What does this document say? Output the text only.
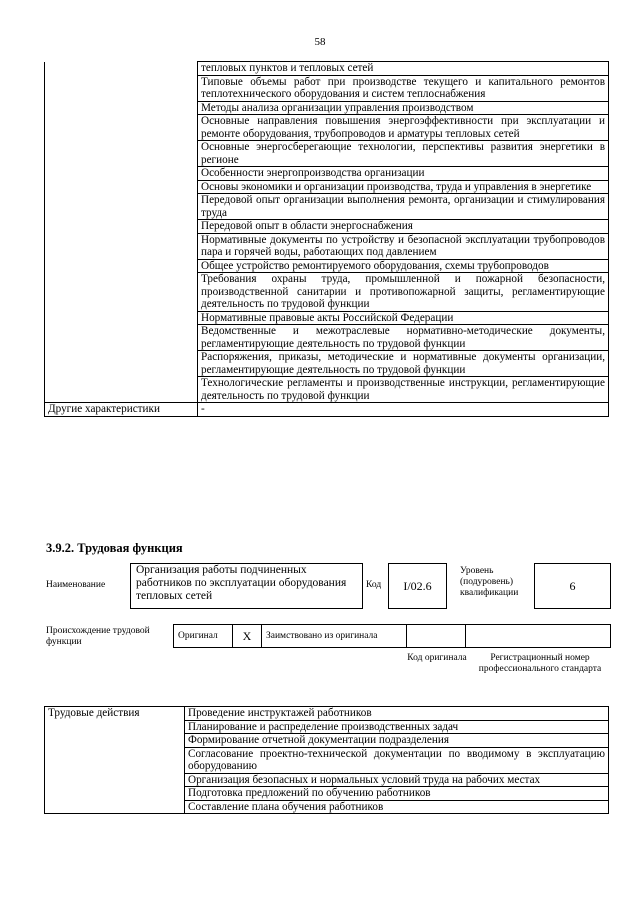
58
	тепловых пунктов и тепловых сетей
	Типовые объемы работ при производстве текущего и капитального ремонтов теплотехнического оборудования и систем теплоснабжения
	Методы анализа организации управления производством
	Основные направления повышения энергоэффективности при эксплуатации и ремонте оборудования, трубопроводов и арматуры тепловых сетей
	Основные энергосберегающие технологии, перспективы развития энергетики в регионе
	Особенности энергопроизводства организации
	Основы экономики и организации производства, труда и управления в энергетике
	Передовой опыт организации выполнения ремонта, организации и стимулирования труда
	Передовой опыт в области энергоснабжения
	Нормативные документы по устройству и безопасной эксплуатации трубопроводов пара и горячей воды, работающих под давлением
	Общее устройство ремонтируемого оборудования, схемы трубопроводов
	Требования охраны труда, промышленной и пожарной безопасности, производственной санитарии и противопожарной защиты, регламентирующие деятельность по трудовой функции
	Нормативные правовые акты Российской Федерации
	Ведомственные и межотраслевые нормативно-методические документы, регламентирующие деятельность по трудовой функции
	Распоряжения, приказы, методические и нормативные документы организации, регламентирующие деятельность по трудовой функции
	Технологические регламенты и производственные инструкции, регламентирующие деятельность по трудовой функции
Другие характеристики	-
3.9.2. Трудовая функция
Наименование
Организация работы подчиненных работников по эксплуатации оборудования тепловых сетей
Код	I/02.6
Уровень (подуровень) квалификации	6
Происхождение трудовой функции
Оригинал	X	Заимствовано из оригинала
Код оригинала	Регистрационный номер профессионального стандарта
Трудовые действия	Проведение инструктажей работников
Планирование и распределение производственных задач
Формирование отчетной документации подразделения
Согласование проектно-технической документации по вводимому в эксплуатацию оборудованию
Организация безопасных и нормальных условий труда на рабочих местах
Подготовка предложений по обучению работников
Составление плана обучения работников
